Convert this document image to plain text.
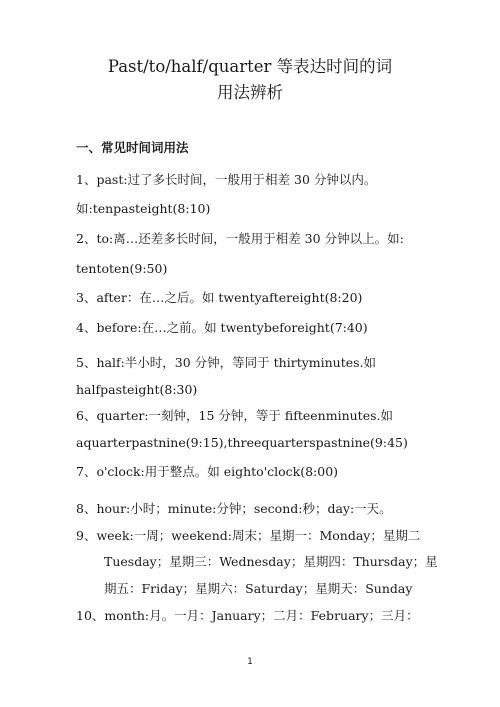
Past/to/half/quarter 等表达时间的词
用法辨析
一、常见时间词用法
1、past:过了多长时间，一般用于相差 30 分钟以内。
如:tenpasteight(8:10)
2、to:离…还差多长时间，一般用于相差 30 分钟以上。如:
tentoten(9:50)
3、after：在…之后。如 twentyaftereight(8:20)
4、before:在…之前。如 twentybeforeight(7:40)
5、half:半小时，30 分钟，等同于 thirtyminutes.如
halfpasteight(8:30)
6、quarter:一刻钟，15 分钟，等于 fifteenminutes.如
aquarterpastnine(9:15),threequarterspastnine(9:45)
7、o'clock:用于整点。如 eighto'clock(8:00)
8、hour:小时；minute:分钟；second:秒；day:一天。
9、week:一周；weekend:周末；星期一：Monday；星期二
Tuesday；星期三：Wednesday；星期四：Thursday；星
期五：Friday；星期六：Saturday；星期天：Sunday
10、month:月。一月：January；二月：February；三月：
1
